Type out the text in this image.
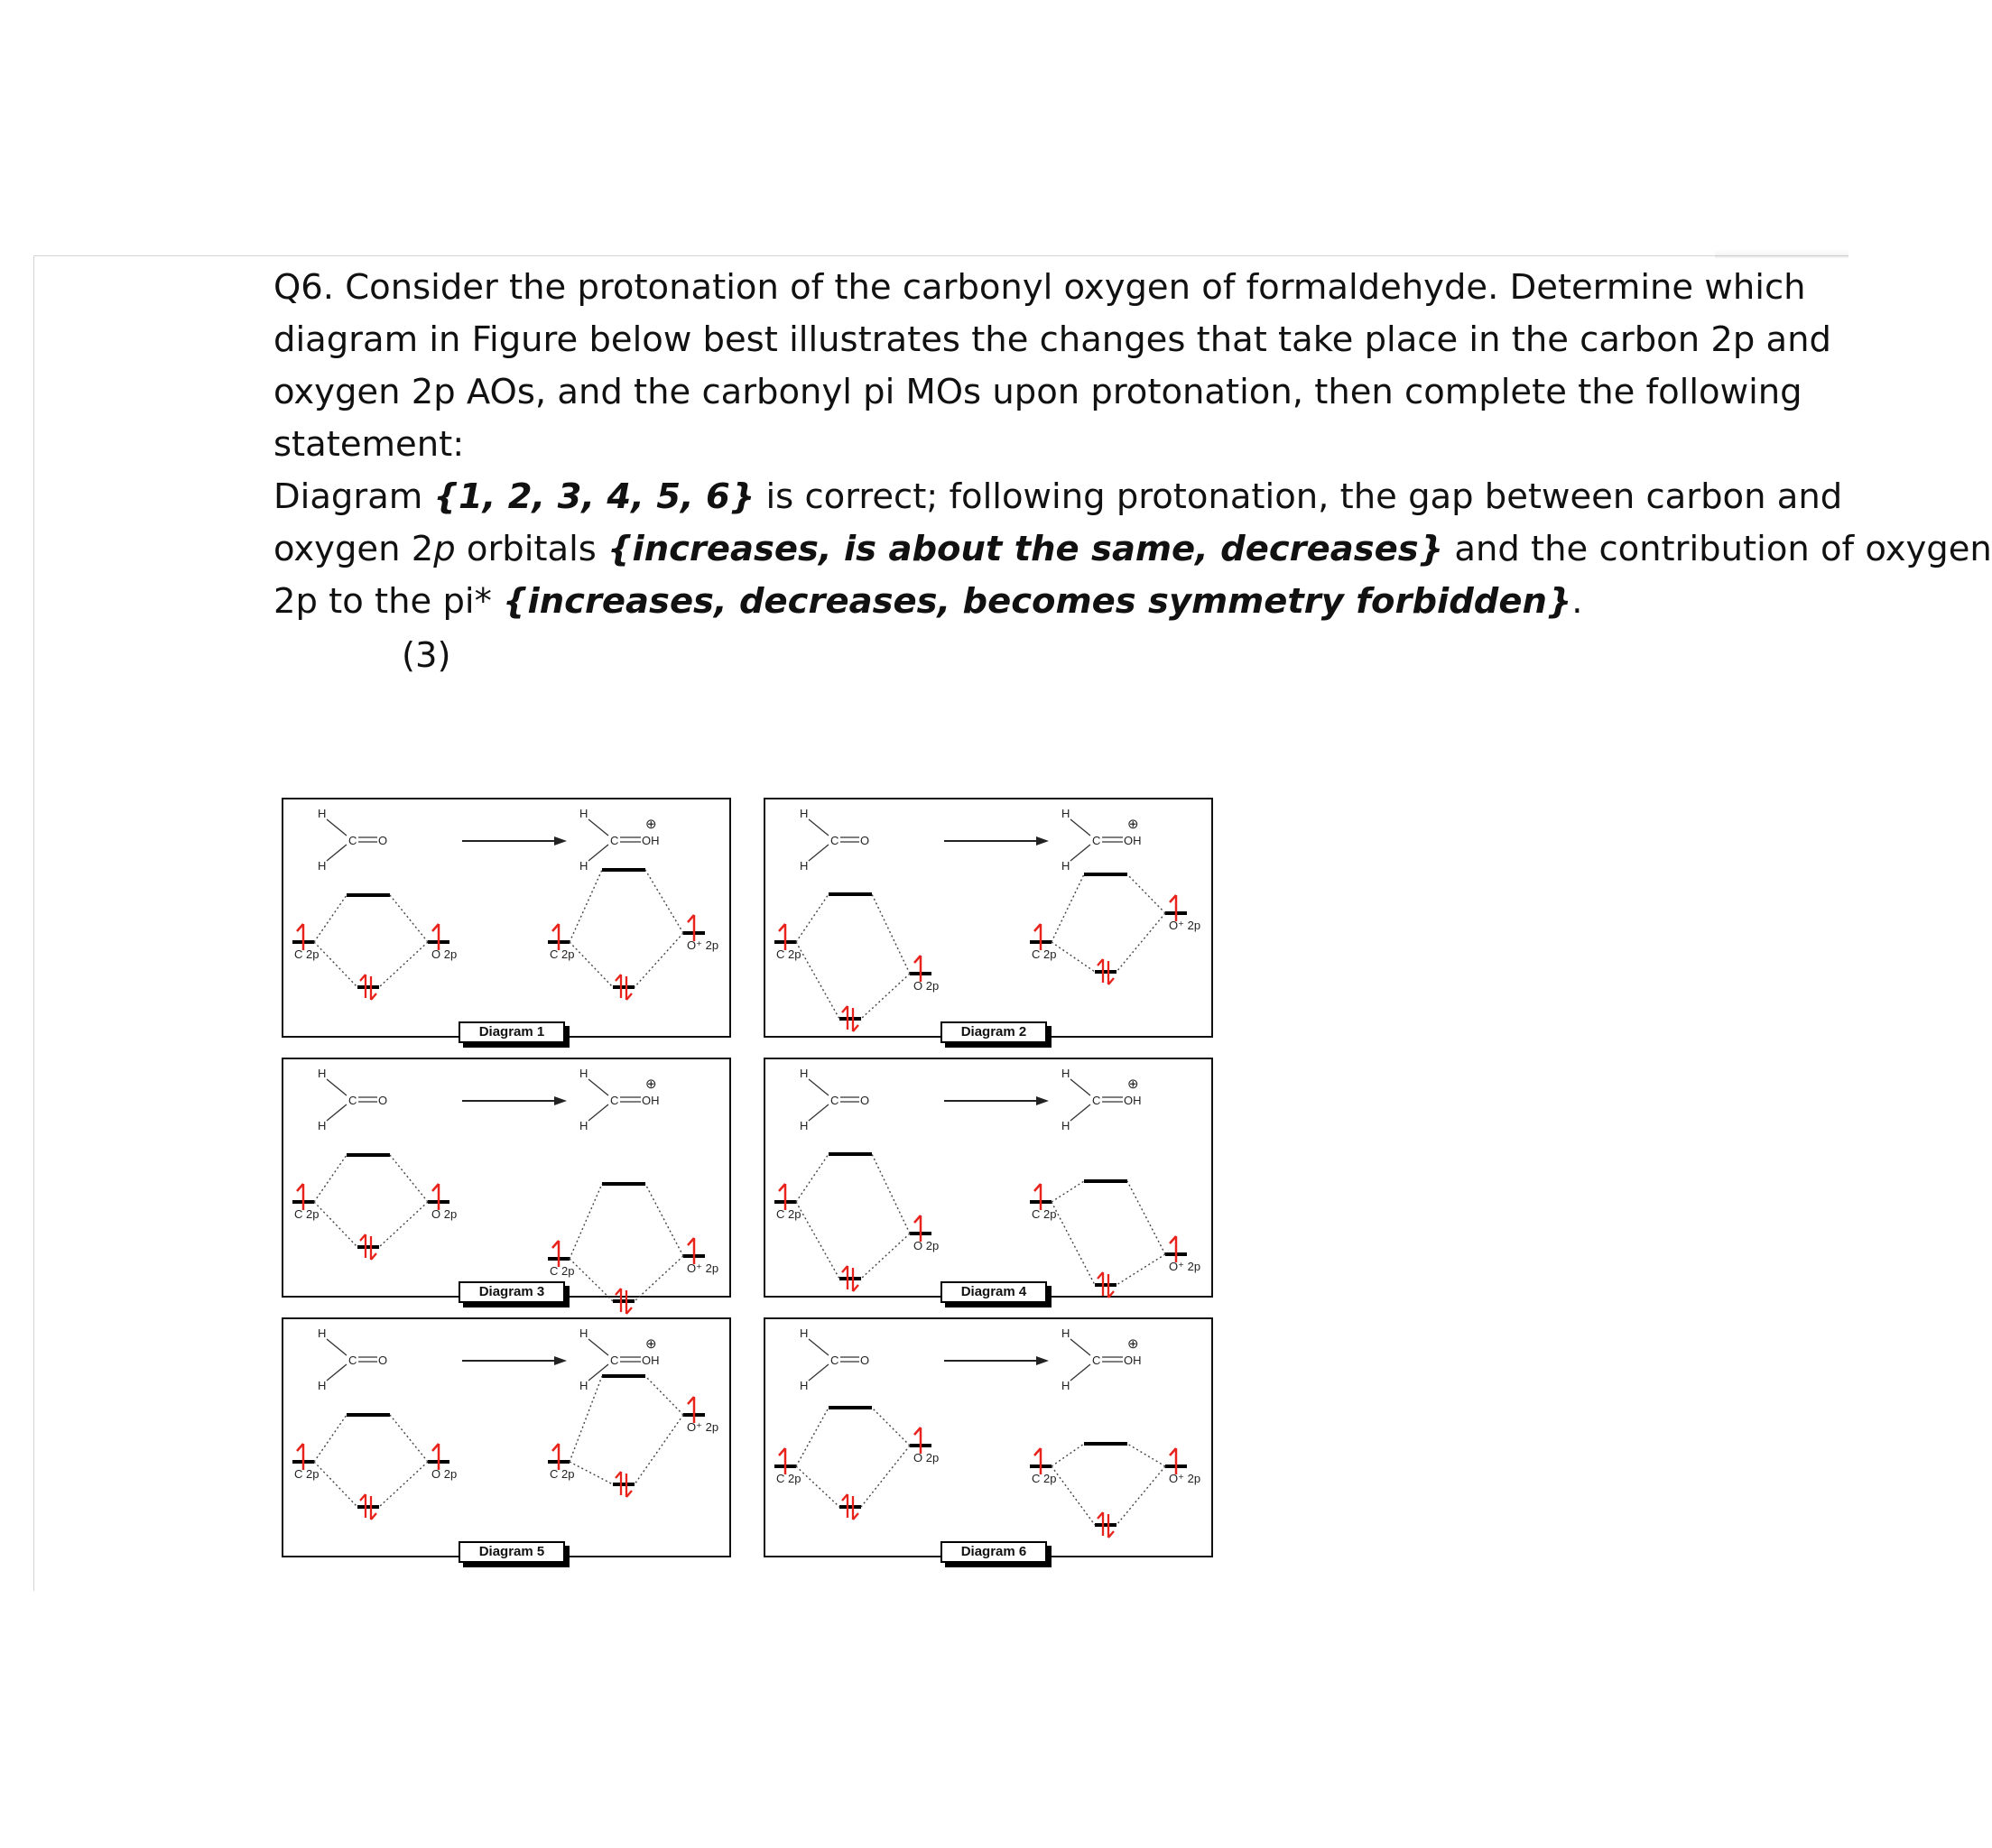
Q6. Consider the protonation of the carbonyl oxygen of formaldehyde. Determine which
diagram in Figure below best illustrates the changes that take place in the carbon 2p and
oxygen 2p AOs, and the carbonyl pi MOs upon protonation, then complete the following
statement:
Diagram {1, 2, 3, 4, 5, 6} is correct; following protonation, the gap between carbon and
oxygen 2p orbitals {increases, is about the same, decreases} and the contribution of oxygen
2p to the pi* {increases, decreases, becomes symmetry forbidden}.
(3)
H
H
C O
H
H
C OH
⊕
C 2p	O 2p	C 2p
O⁺ 2p
Diagram 1
H
H
C O
H
H
C OH
⊕
C 2p
O 2p
C 2p
O⁺ 2p
Diagram 2
H
H
C O
H
H
C OH
⊕
C 2p	O 2p
C 2p	O⁺ 2p
Diagram 3
H
H
C O
H
H
C OH
⊕
C 2p
O 2p
C 2p
O⁺ 2p
Diagram 4
H
H
C O
H
H
C OH
⊕
C 2p	O 2p	C 2p
O⁺ 2p
Diagram 5
H
H
C O
H
H
C OH
⊕
C 2p
O 2p
C 2p	O⁺ 2p
Diagram 6
